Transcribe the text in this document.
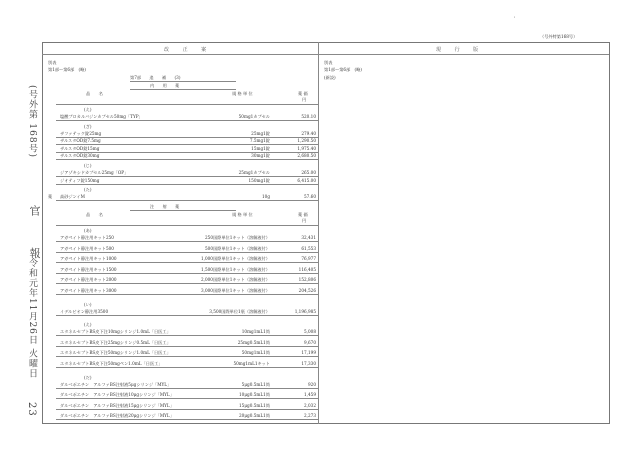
(号外第 168号)
官 報
令和元年11月26日 火曜日
23
（号外特第168号）
'
改 正 案	現 行 版
別表
第1部～第6部　(略)
(新設)
別表
第1部～第6部　(略)
第7部　　追　　補　　(3)
内　　用　　薬
品　　名	規 格 単 位	薬 価
円
(え)
塩酸プロカルバジンカプセル50mg「TYP」	50mg1カプセル	520.10
(ざ)
ザファテック錠25mg	25mg1錠	279.40
ザルスタOD錠7.5mg	7.5mg1錠	1,290.50
ザルスタOD錠15mg	15mg1錠	1,975.40
ザルスタOD錠30mg	30mg1錠	2,680.50
(じ)
ジアゾキシドカプセル25mg「OP」	25mg1カプセル	265.00
ジオティフ錠150mg	150mg1錠	6,415.00
(た)
高砂ジンイM	10g	57.60
薬
注　　射　　薬
品　　名	規 格 単 位	薬 価
円
(あ)
アガペイト静注用キット250	250国際単位1キット（溶解液付）	32,431
アガペイト静注用キット500	500国際単位1キット（溶解液付）	61,553
アガペイト静注用キット1000	1,000国際単位1キット（溶解液付）	76,977
アガペイト静注用キット1500	1,500国際単位1キット（溶解液付）	116,405
アガペイト静注用キット2000	2,000国際単位1キット（溶解液付）	152,806
アガペイト静注用キット3000	3,000国際単位1キット（溶解液付）	204,526
(い)
イデルビオン静注用3500	3,500国際単位1瓶（溶解液付）	1,196,985
(え)
エタネルセプトBS皮下注10mgシリンジ1.0mL「日医工」	10mg1mL1筒	5,008
エタネルセプトBS皮下注25mgシリンジ0.5mL「日医工」	25mg0.5mL1筒	9,670
エタネルセプトBS皮下注50mgシリンジ1.0mL「日医工」	50mg1mL1筒	17,199
エタネルセプトBS皮下注50mgペン1.0mL「日医工」	50mg1mL1キット	17,330
(だ)
ダルベポエチン　アルファBS注射液5μgシリンジ「MYL」	5μg0.5mL1筒	920
ダルベポエチン　アルファBS注射液10μgシリンジ「MYL」	10μg0.5mL1筒	1,459
ダルベポエチン　アルファBS注射液15μgシリンジ「MYL」	15μg0.5mL1筒	2,032
ダルベポエチン　アルファBS注射液20μgシリンジ「MYL」	20μg0.5mL1筒	2,273
